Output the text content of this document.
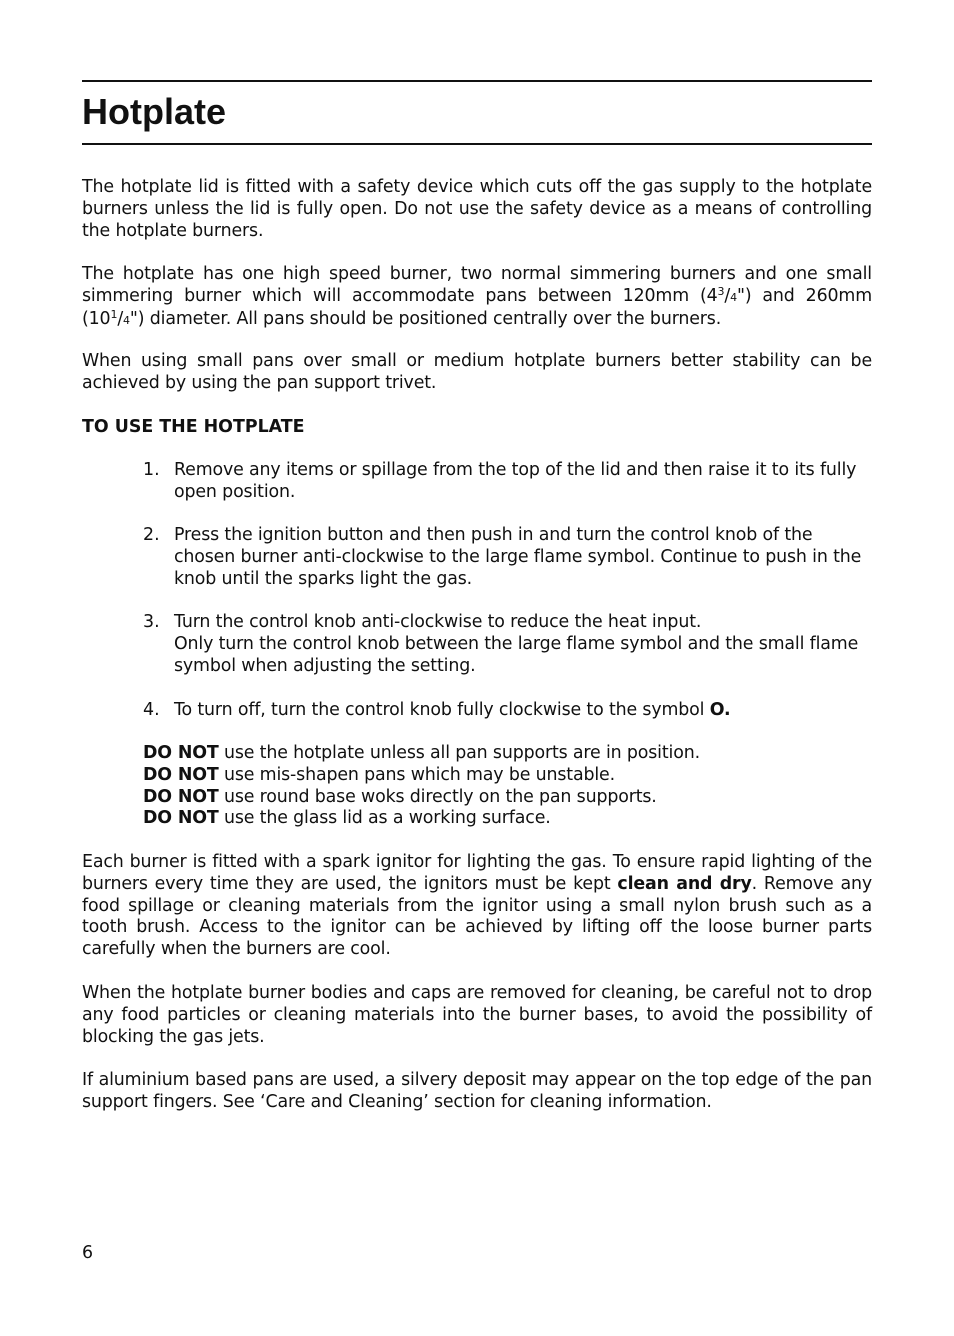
Hotplate

The hotplate lid is fitted with a safety device which cuts off the gas supply to the hotplate burners unless the lid is fully open. Do not use the safety device as a means of controlling the hotplate burners.

The hotplate has one high speed burner, two normal simmering burners and one small simmering burner which will accommodate pans between 120mm $(4^3/4")$ and 260mm $(10^1/4")$ diameter. All pans should be positioned centrally over the burners.

When using small pans over small or medium hotplate burners better stability can be achieved by using the pan support trivet.

TO USE THE HOTPLATE

1. Remove any items or spillage from the top of the lid and then raise it to its fully open position.

2. Press the ignition button and then push in and turn the control knob of the chosen burner anti-clockwise to the large flame symbol. Continue to push in the knob until the sparks light the gas.

3. Turn the control knob anti-clockwise to reduce the heat input.
Only turn the control knob between the large flame symbol and the small flame symbol when adjusting the setting.

4. To turn off, turn the control knob fully clockwise to the symbol O.

DO NOT use the hotplate unless all pan supports are in position.

DO NOT use mis-shapen pans which may be unstable.

DO NOT use round base woks directly on the pan supports.

DO NOT use the glass lid as a working surface.

Each burner is fitted with a spark ignitor for lighting the gas. To ensure rapid lighting of the burners every time they are used, the ignitors must be kept clean and dry. Remove any food spillage or cleaning materials from the ignitor using a small nylon brush such as a tooth brush. Access to the ignitor can be achieved by lifting off the loose burner parts carefully when the burners are cool.

When the hotplate burner bodies and caps are removed for cleaning, be careful not to drop any food particles or cleaning materials into the burner bases, to avoid the possibility of blocking the gas jets.

If aluminium based pans are used, a silvery deposit may appear on the top edge of the pan support fingers. See ‘Care and Cleaning’ section for cleaning information.

6
